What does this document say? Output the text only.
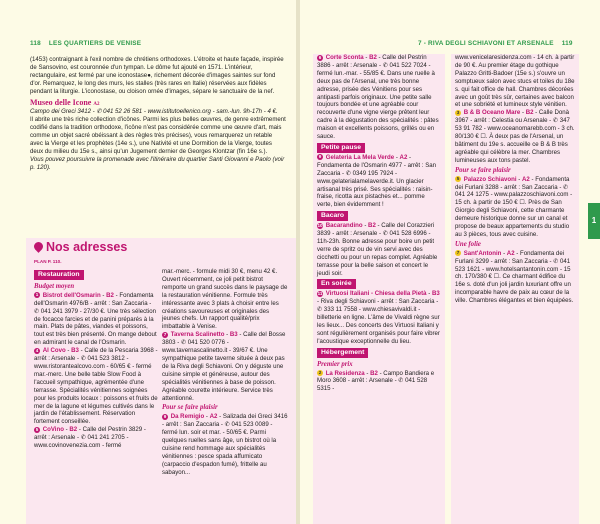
118 LES QUARTIERS DE VENISE

(1453) contraignant à l'exil nombre de chrétiens orthodoxes. L'étroite et haute façade, inspirée de Sansovino, est couronnée d'un tympan. Le dôme fut ajouté en 1571. L'intérieur, rectangulaire, est fermé par une iconostase●, richement décorée d'images saintes sur fond d'or. Remarquez, le long des murs, les stalles (très rares en Italie) réservées aux fidèles pendant la liturgie. L'iconostase, ou cloison ornée d'images, sépare le sanctuaire de la nef.

Museo delle Icone A2

Campo dei Greci 3412 - ✆ 041 52 26 581 - www.istitutoellenico.org - sam.-lun. 9h-17h - 4 €.

Il abrite une très riche collection d'icônes. Parmi les plus belles œuvres, de genre extrêmement codifié dans la tradition orthodoxe, l'icône n'est pas considérée comme une œuvre d'art, mais comme un objet sacré obéissant à des règles très précises), vous remarquerez un retable avec la Vierge et les prophètes (14e s.), une Nativité et une Dormition de la Vierge, toutes deux du milieu du 15e s., ainsi qu'un Jugement dernier de Georges Klontzar (fin 16e s.).

Vous pouvez poursuivre la promenade avec l'itinéraire du quartier Santi Giovanni e Paolo (voir p. 120).

Nos adresses
PLAN P. 110.
Restauration
Budget moyen

1 Bistrot dell'Osmarin - B2 - Fondamenta dell'Osmarin 4976/B - arrêt : San Zaccaria - ✆ 041 241 3979 - 27/30 €. Une très sélection de focacce farcies et de panini préparés à la main. Plats de pâtes, viandes et poissons, tout est très bien présenté. On mange debout en admirant le canal de l'Osmarin.

4 Al Covo - B3 - Calle de la Pescaria 3968 - arrêt : Arsenale - ✆ 041 523 3812 - www.ristorantealcovo.com - 60/65 € - fermé mar.-merc. Une belle table Slow Food à l'accueil sympathique, agrémentée d'une terrasse. Spécialités vénitiennes soignées pour les produits locaux : poissons et fruits de mer de la lagune et légumes cultivés dans le jardin de l'établissement. Réservation fortement conseillée.

5 CoVino - B2 - Calle del Pestrin 3829 - arrêt : Arsenale - ✆ 041 241 2705 - www.covinovenezia.com - fermé

mar.-merc. - formule midi 30 €, menu 42 €. Ouvert récemment, ce joli petit bistrot remporte un grand succès dans le paysage de la restauration vénitienne. Formule très intéressante avec 3 plats à choisir entre les créations savoureuses et originales des jeunes chefs. Un rapport qualité/prix imbattable à Venise.

7 Taverna Scalinetto - B3 - Calle del Bosse 3803 - ✆ 041 520 0776 - www.tavernascalinetto.it - 39/67 €. Une sympathique petite taverne située à deux pas de la Riva degli Schiavoni. On y déguste une cuisine simple et généreuse, autour des spécialités vénitiennes à base de poisson. Agréable courette intérieure. Service très attentionné.

Pour se faire plaisir

9 Da Remigio - A2 - Salizada dei Greci 3416 - arrêt : San Zaccaria - ✆ 041 523 0089 - fermé lun. soir et mar. - 50/65 €. Parmi quelques ruelles sans âge, un bistrot où la cuisine rend hommage aux spécialités vénitiennes : pesce spada affumicato (carpaccio d'espadon fumé), frittelle au sabayon...

7 - RIVA DEGLI SCHIAVONI ET ARSENALE 119
1

6 Corte Sconta - B2 - Calle del Pestrin 3886 - arrêt : Arsenale - ✆ 041 522 7024 - fermé lun.-mar. - 55/85 €. Dans une ruelle à deux pas de l'Arsenal, une très bonne adresse, prisée des Vénitiens pour ses antipasti parfois originaux. Une petite salle toujours bondée et une agréable cour recouverte d'une vigne vierge prêtent leur cadre à la dégustation des spécialités : pâtes maison et excellents poissons, grillés ou en sauce.

Petite pause

9 Gelateria La Mela Verde - A2 - Fondamenta de l'Osmarin 4977 - arrêt : San Zaccaria - ✆ 0349 195 7924 - www.gelaterialamelaverde.it. Un glacier artisanal très prisé. Ses spécialités : raisin-fraise, ricotta aux pistaches et... pomme verte, bien évidemment !

Bacaro

10 Bacarandino - B2 - Calle del Corazzieri 3839 - arrêt : Arsenale - ✆ 041 528 6996 - 11h-23h. Bonne adresse pour boire un petit verre de spritz ou de vin servi avec des cicchetti ou pour un repas complet. Agréable terrasse pour la belle saison et concert le jeudi soir.

En soirée

11 Virtuosi Italiani - Chiesa della Pietà - B3 - Riva degli Schiavoni - arrêt : San Zaccaria - ✆ 333 11 7558 - www.chiesavivaldi.it - billetterie en ligne. L'âme de Vivaldi règne sur les lieux... Des concerts des Virtuosi Italiani y sont régulièrement organisés pour faire vibrer l'acoustique exceptionnelle du lieu.

Hébergement
Premier prix

2 La Residenza - B2 - Campo Bandiera e Moro 3608 - arrêt : Arsenale - ✆ 041 528 5315 -

www.venicelaresidenza.com - 14 ch. à partir de 90 €. Au premier étage du gothique Palazzo Gritti-Badoer (15e s.) s'ouvre un somptueux salon avec stucs et toiles du 18e s. qui fait office de hall. Chambres décorées avec un goût très sûr, certaines avec balcon et une sobriété et lumineux style vénitien.

3 B & B Oceano Mare - B2 - Calle Donà 3967 - arrêt : Celestia ou Arsenale - ✆ 347 53 91 782 - www.oceanomarebb.com - 3 ch. 80/130 € ☐. À deux pas de l'Arsenal, un bâtiment du 19e s. accueille ce B & B très agréable qui célèbre la mer. Chambres lumineuses aux tons pastel.

Pour se faire plaisir

5 Palazzo Schiavoni - A2 - Fondamenta dei Furlani 3288 - arrêt : San Zaccaria - ✆ 041 24 1275 - www.palazzoschiavoni.com - 15 ch. à partir de 150 € ☐. Près de San Giorgio degli Schiavoni, cette charmante demeure historique donne sur un canal et propose de beaux appartements du studio au 3 pièces, tous avec cuisine.

Une folie

7 Sant'Antonin - A2 - Fondamenta dei Furlani 3299 - arrêt : San Zaccaria - ✆ 041 523 1621 - www.hotelsantantonin.com - 15 ch. 170/380 € ☐. Ce charmant édifice du 16e s. doté d'un joli jardin luxuriant offre un incomparable havre de paix au cœur de la ville. Chambres élégantes et bien équipées.
